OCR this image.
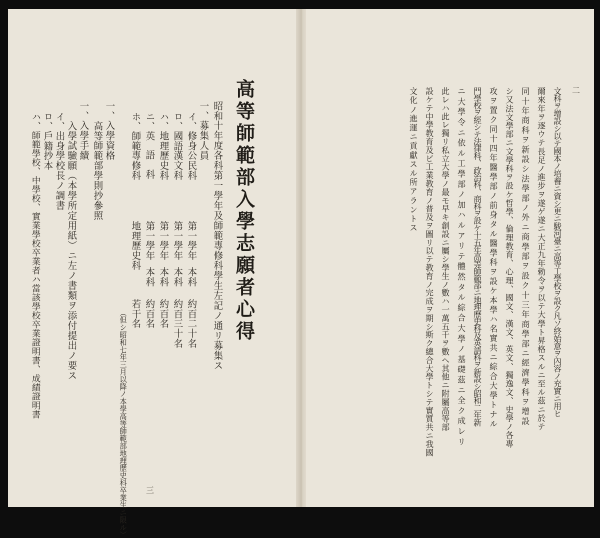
高等師範部入學志願者心得
昭和十年度各科第一學年及師範專修科學生左記ノ通リ募集ス
一、募集人員
イ、
修身公民科
第一學年
本科
約百二十名
ロ、
國語漢文科
第一學年
本科
約百三十名
ハ、
地理歷史科
第一學年
本科
約百名
ニ、
英語科
第一學年
本科
約百名
ホ、
師範專修科
地理歷史科
若干名
（但シ昭和七年三月以降ノ本學高等師範部地理歷史科卒業生ニ限ル）
一、入學資格
高等師範部學則抄參照
一、入學手續
入學試驗願（本學所定用紙）ニ左ノ書類ヲ添付提出ノ要ス
イ、
出身學校長ノ調書
ロ、
戶籍抄本
ハ、
師範學校、中學校、實業學校卒業者ハ當該學校卒業證明書、成績證明書
三
二
文科ヲ增設シ以テ國本ノ培養ニ資シ更ニ駿河臺ニ高等工學校ヲ設ク凡ソ終始意ヲ內容ノ充實ニ用ヒ
爾來年ヲ逐ウテ長足ノ進步ヲ遂ゲ遂ニ大正九年勅令ヲ以テ大學ト昇格スルニ至ル茲ニ於テ
同十年商科ヲ新設シ法學部ノ外ニ商學部ヲ設ク十三年商學部ニ經濟學科ヲ增設
シ又法文學部ニ文學科ヲ設ケ哲學、倫理教育、心理、國文、漢文、英文、獨逸文、史學ノ各專
攻ヲ置ク同十四年醫學部ノ前身タル醫學科ヲ設ケ本學ハ名實共ニ綜合大學トナル
門學校ヲ經シテ法律科、政治科、商科ヲ設ケ十五年高等師範部ニ地理歷史科及英語科ヲ新設シ昭和二年新
ニ大學令ニ依ル工學部ノ加ハルアリテ體然タル綜合大學ノ基礎茲ニ全ク成レリ
此レハ此レ獨リ私立大學ノ最モ早キ創設ニ屬シ學生ノ數ハ一萬五千ヲ數ヘ其他ニ附屬高等部
設ケテ中學教育及ビ工業教育ノ普及ヲ圖リ以テ教育ノ完成ヲ期シ斯ク總合大學トシテ實質共ニ我國
文化ノ進運ニ貢獻スル所アラントス
